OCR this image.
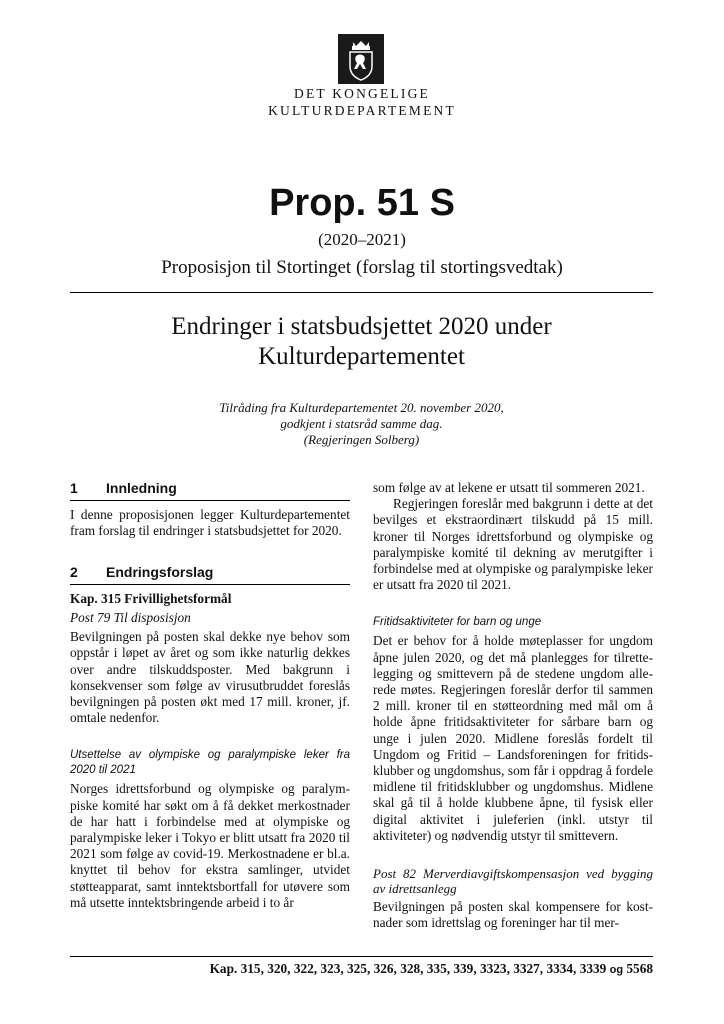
DET KONGELIGE
KULTURDEPARTEMENT
Prop. 51 S
(2020–2021)
Proposisjon til Stortinget (forslag til stortingsvedtak)
Endringer i statsbudsjettet 2020 under
Kulturdepartementet
Tilråding fra Kulturdepartementet 20. november 2020,
godkjent i statsråd samme dag.
(Regjeringen Solberg)
1	Innledning

I denne proposisjonen legger Kulturdepartementet fram forslag til endringer i statsbudsjettet for 2020.

2	Endringsforslag
Kap. 315 Frivillighetsformål
Post 79 Til disposisjon

Bevilgningen på posten skal dekke nye behov som oppstår i løpet av året og som ikke naturlig dekkes over andre tilskuddsposter. Med bakgrunn i konsekvenser som følge av virusutbruddet foreslås bevilgningen på posten økt med 17 mill. kroner, jf. omtale nedenfor.

Utsettelse av olympiske og paralympiske leker fra 2020 til 2021

Norges idrettsforbund og olympiske og paralympiske komité har søkt om å få dekket merkostnader de har hatt i forbindelse med at olympiske og paralympiske leker i Tokyo er blitt utsatt fra 2020 til 2021 som følge av covid-19. Merkostnadene er bl.a. knyttet til behov for ekstra samlinger, utvidet støtteapparat, samt inntektsbortfall for utøvere som må utsette inntektsbringende arbeid i to år

som følge av at lekene er utsatt til sommeren 2021.

Regjeringen foreslår med bakgrunn i dette at det bevilges et ekstraordinært tilskudd på 15 mill. kroner til Norges idrettsforbund og olympiske og paralympiske komité til dekning av merutgifter i forbindelse med at olympiske og paralympiske leker er utsatt fra 2020 til 2021.

Fritidsaktiviteter for barn og unge

Det er behov for å holde møteplasser for ungdom åpne julen 2020, og det må planlegges for tilrettelegging og smittevern på de stedene ungdom allerede møtes. Regjeringen foreslår derfor til sammen 2 mill. kroner til en støtteordning med mål om å holde åpne fritidsaktiviteter for sårbare barn og unge i julen 2020. Midlene foreslås fordelt til Ungdom og Fritid – Landsforeningen for fritidsklubber og ungdomshus, som får i oppdrag å fordele midlene til fritidsklubber og ungdomshus. Midlene skal gå til å holde klubbene åpne, til fysisk eller digital aktivitet i juleferien (inkl. utstyr til aktiviteter) og nødvendig utstyr til smittevern.

Post 82 Merverdiavgiftskompensasjon ved bygging av idrettsanlegg

Bevilgningen på posten skal kompensere for kostnader som idrettslag og foreninger har til mer-

Kap. 315, 320, 322, 323, 325, 326, 328, 335, 339, 3323, 3327, 3334, 3339 og 5568
